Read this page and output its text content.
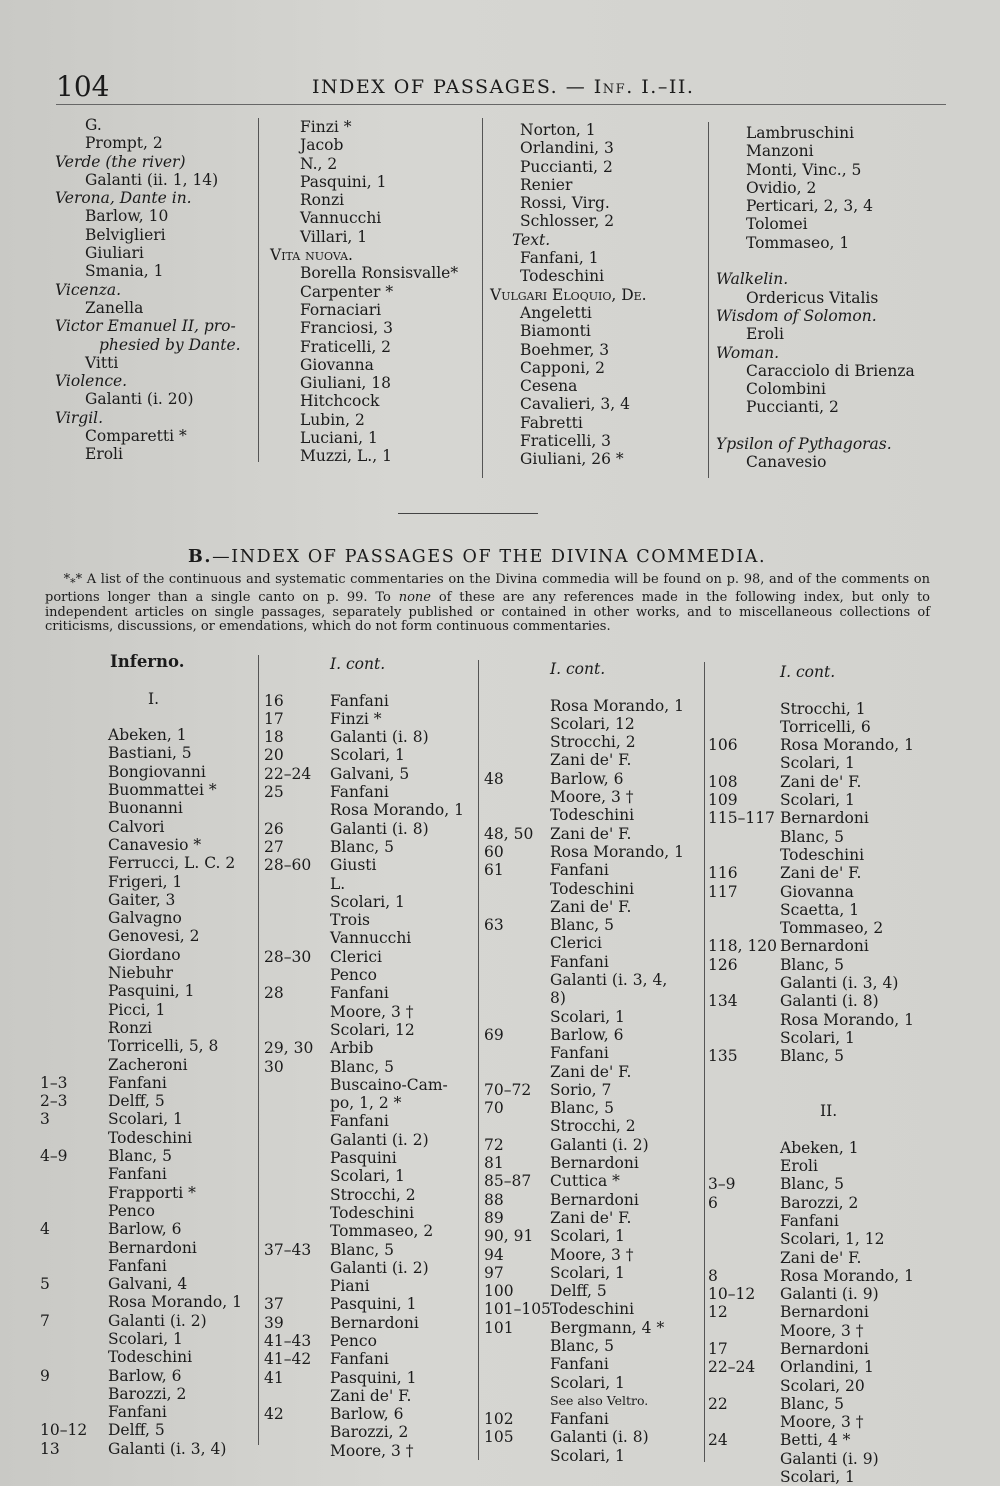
104	INDEX OF PASSAGES. — Inf. I.–II.
G.
Prompt, 2
Verde (the river)
Galanti (ii. 1, 14)
Verona, Dante in.
Barlow, 10
Belviglieri
Giuliari
Smania, 1
Vicenza.
Zanella
Victor Emanuel II, pro-
phesied by Dante.
Vitti
Violence.
Galanti (i. 20)
Virgil.
Comparetti *
Eroli
Finzi *
Jacob
N., 2
Pasquini, 1
Ronzi
Vannucchi
Villari, 1
Vita nuova.
Borella Ronsisvalle*
Carpenter *
Fornaciari
Franciosi, 3
Fraticelli, 2
Giovanna
Giuliani, 18
Hitchcock
Lubin, 2
Luciani, 1
Muzzi, L., 1
Norton, 1
Orlandini, 3
Puccianti, 2
Renier
Rossi, Virg.
Schlosser, 2
Text.
Fanfani, 1
Todeschini
Vulgari Eloquio, De.
Angeletti
Biamonti
Boehmer, 3
Capponi, 2
Cesena
Cavalieri, 3, 4
Fabretti
Fraticelli, 3
Giuliani, 26 *
Lambruschini
Manzoni
Monti, Vinc., 5
Ovidio, 2
Perticari, 2, 3, 4
Tolomei
Tommaseo, 1

Walkelin.
Ordericus Vitalis
Wisdom of Solomon.
Eroli
Woman.
Caracciolo di Brienza
Colombini
Puccianti, 2

Ypsilon of Pythagoras.
Canavesio
B.—INDEX OF PASSAGES OF THE DIVINA COMMEDIA.
$*_**$ A list of the continuous and systematic commentaries on the Divina commedia will be found on p. 98, and of the comments on portions longer than a single canto on p. 99. To none of these are any references made in the following index, but only to independent articles on single passages, separately published or contained in other works, and to miscellaneous collections of criticisms, discussions, or emendations, which do not form continuous commentaries.
Inferno.

I.

Abeken, 1
Bastiani, 5
Bongiovanni
Buommattei *
Buonanni
Calvori
Canavesio *
Ferrucci, L. C. 2
Frigeri, 1
Gaiter, 3
Galvagno
Genovesi, 2
Giordano
Niebuhr
Pasquini, 1
Picci, 1
Ronzi
Torricelli, 5, 8
Zacheroni
1–3	Fanfani
2–3	Delff, 5
3	Scolari, 1
Todeschini
4–9	Blanc, 5
Fanfani
Frapporti *
Penco
4	Barlow, 6
Bernardoni
Fanfani
5	Galvani, 4
Rosa Morando, 1
7	Galanti (i. 2)
Scolari, 1
Todeschini
9	Barlow, 6
Barozzi, 2
Fanfani
10–12	Delff, 5
13	Galanti (i. 3, 4)
I. cont.

16	Fanfani
17	Finzi *
18	Galanti (i. 8)
20	Scolari, 1
22–24	Galvani, 5
25	Fanfani
Rosa Morando, 1
26	Galanti (i. 8)
27	Blanc, 5
28–60	Giusti
L.
Scolari, 1
Trois
Vannucchi
28–30	Clerici
Penco
28	Fanfani
Moore, 3 †
Scolari, 12
29, 30	Arbib
30	Blanc, 5
Buscaino-Cam-
po, 1, 2 *
Fanfani
Galanti (i. 2)
Pasquini
Scolari, 1
Strocchi, 2
Todeschini
Tommaseo, 2
37–43	Blanc, 5
Galanti (i. 2)
Piani
37	Pasquini, 1
39	Bernardoni
41–43	Penco
41–42	Fanfani
41	Pasquini, 1
Zani de' F.
42	Barlow, 6
Barozzi, 2
Moore, 3 †
I. cont.

Rosa Morando, 1
Scolari, 12
Strocchi, 2
Zani de' F.
48	Barlow, 6
Moore, 3 †
Todeschini
48, 50	Zani de' F.
60	Rosa Morando, 1
61	Fanfani
Todeschini
Zani de' F.
63	Blanc, 5
Clerici
Fanfani
Galanti (i. 3, 4,
8)
Scolari, 1
69	Barlow, 6
Fanfani
Zani de' F.
70–72	Sorio, 7
70	Blanc, 5
Strocchi, 2
72	Galanti (i. 2)
81	Bernardoni
85–87	Cuttica *
88	Bernardoni
89	Zani de' F.
90, 91	Scolari, 1
94	Moore, 3 †
97	Scolari, 1
100	Delff, 5
101–105 Todeschini
101	Bergmann, 4 *
Blanc, 5
Fanfani
Scolari, 1
See also Veltro.
102	Fanfani
105	Galanti (i. 8)
Scolari, 1
I. cont.

Strocchi, 1
Torricelli, 6
106	Rosa Morando, 1
Scolari, 1
108	Zani de' F.
109	Scolari, 1
115–117 Bernardoni
Blanc, 5
Todeschini
116	Zani de' F.
117	Giovanna
Scaetta, 1
Tommaseo, 2
118, 120 Bernardoni
126	Blanc, 5
Galanti (i. 3, 4)
134	Galanti (i. 8)
Rosa Morando, 1
Scolari, 1
135	Blanc, 5

II.

Abeken, 1
Eroli
3–9	Blanc, 5
6	Barozzi, 2
Fanfani
Scolari, 1, 12
Zani de' F.
8	Rosa Morando, 1
10–12	Galanti (i. 9)
12	Bernardoni
Moore, 3 †
17	Bernardoni
22–24	Orlandini, 1
Scolari, 20
22	Blanc, 5
Moore, 3 †
24	Betti, 4 *
Galanti (i. 9)
Scolari, 1
